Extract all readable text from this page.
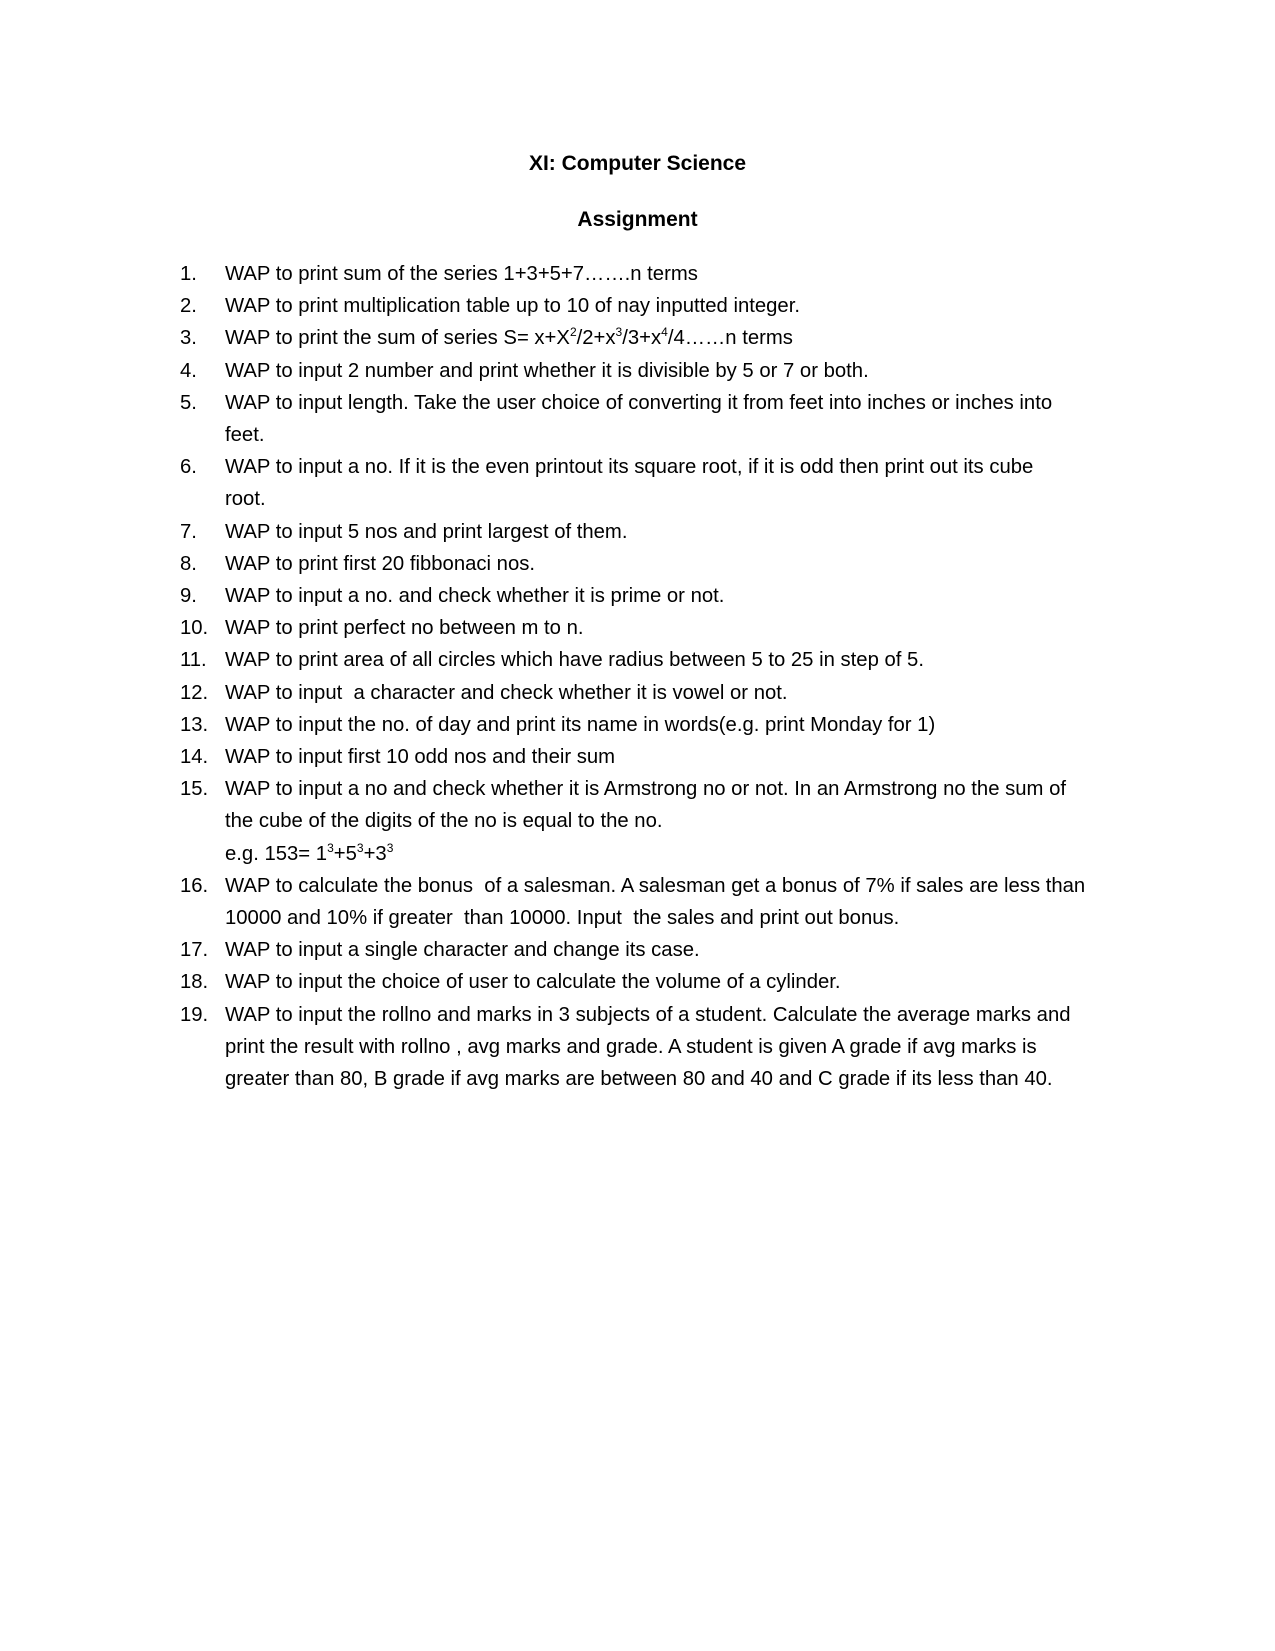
XI: Computer Science
Assignment
1.	WAP to print sum of the series 1+3+5+7…….n terms
2.	WAP to print multiplication table up to 10 of nay inputted integer.
3.	WAP to print the sum of series $S= x+X^2/2+x^3/3+x^4/4\dots\dots n$ terms
4.	WAP to input 2 number and print whether it is divisible by 5 or 7 or both.
5.	WAP to input length. Take the user choice of converting it from feet into inches or inches into
feet.
6.	WAP to input a no. If it is the even printout its square root, if it is odd then print out its cube
root.
7.	WAP to input 5 nos and print largest of them.
8.	WAP to print first 20 fibbonaci nos.
9.	WAP to input a no. and check whether it is prime or not.
10. WAP to print perfect no between m to n.
11. WAP to print area of all circles which have radius between 5 to 25 in step of 5.
12. WAP to input  a character and check whether it is vowel or not.
13. WAP to input the no. of day and print its name in words(e.g. print Monday for 1)
14. WAP to input first 10 odd nos and their sum
15. WAP to input a no and check whether it is Armstrong no or not. In an Armstrong no the sum of
the cube of the digits of the no is equal to the no.
e.g. $153= 1^3+5^3+3^3$
16. WAP to calculate the bonus  of a salesman. A salesman get a bonus of 7% if sales are less than
10000 and 10% if greater  than 10000. Input  the sales and print out bonus.
17. WAP to input a single character and change its case.
18. WAP to input the choice of user to calculate the volume of a cylinder.
19. WAP to input the rollno and marks in 3 subjects of a student. Calculate the average marks and
print the result with rollno , avg marks and grade. A student is given A grade if avg marks is
greater than 80, B grade if avg marks are between 80 and 40 and C grade if its less than 40.
